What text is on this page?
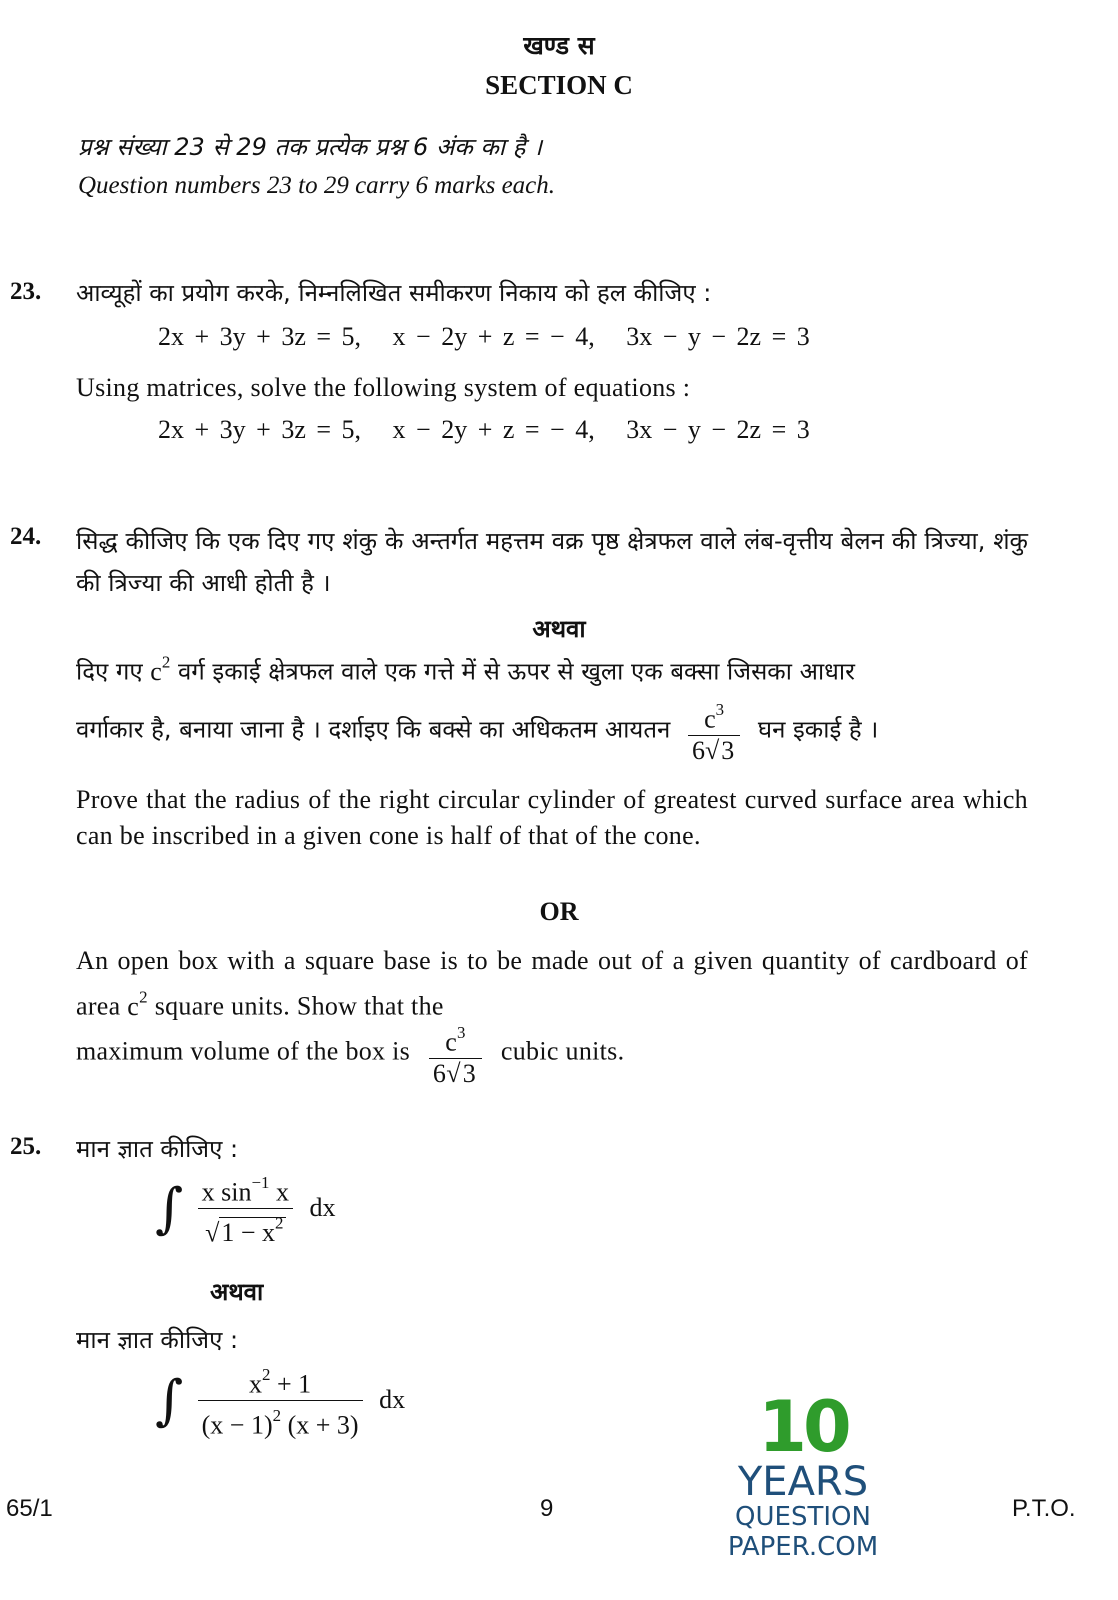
खण्ड स
SECTION C
प्रश्न संख्या 23 से 29 तक प्रत्येक प्रश्न 6 अंक का है ।
Question numbers 23 to 29 carry 6 marks each.
23. आव्यूहों का प्रयोग करके, निम्नलिखित समीकरण निकाय को हल कीजिए :
2x + 3y + 3z = 5,   x − 2y + z = − 4,   3x − y − 2z = 3
Using matrices, solve the following system of equations :
2x + 3y + 3z = 5,   x − 2y + z = − 4,   3x − y − 2z = 3
24. सिद्ध कीजिए कि एक दिए गए शंकु के अन्तर्गत महत्तम वक्र पृष्ठ क्षेत्रफल वाले लंब-वृत्तीय बेलन की त्रिज्या, शंकु की त्रिज्या की आधी होती है ।
अथवा
दिए गए $c^2$ वर्ग इकाई क्षेत्रफल वाले एक गत्ते में से ऊपर से खुला एक बक्सा जिसका आधार
वर्गाकार है, बनाया जाना है । दर्शाइए कि बक्से का अधिकतम आयतन $\frac{c^3}{6√3}$ घन इकाई है ।
Prove that the radius of the right circular cylinder of greatest curved surface area which can be inscribed in a given cone is half of that of the cone.
OR
An open box with a square base is to be made out of a given quantity of cardboard of area $c^2$ square units. Show that the
maximum volume of the box is $\frac{c^3}{6√3}$ cubic units.
25. मान ज्ञात कीजिए :
∫ $\frac{x \sin^{-1} x}{√1 - x^2}$ dx
अथवा
मान ज्ञात कीजिए :
∫ $\frac{x^2 + 1}{(x - 1)^2 (x + 3)}$ dx
65/1	9	P.T.O.
10
YEARS
QUESTION PAPER.COM
